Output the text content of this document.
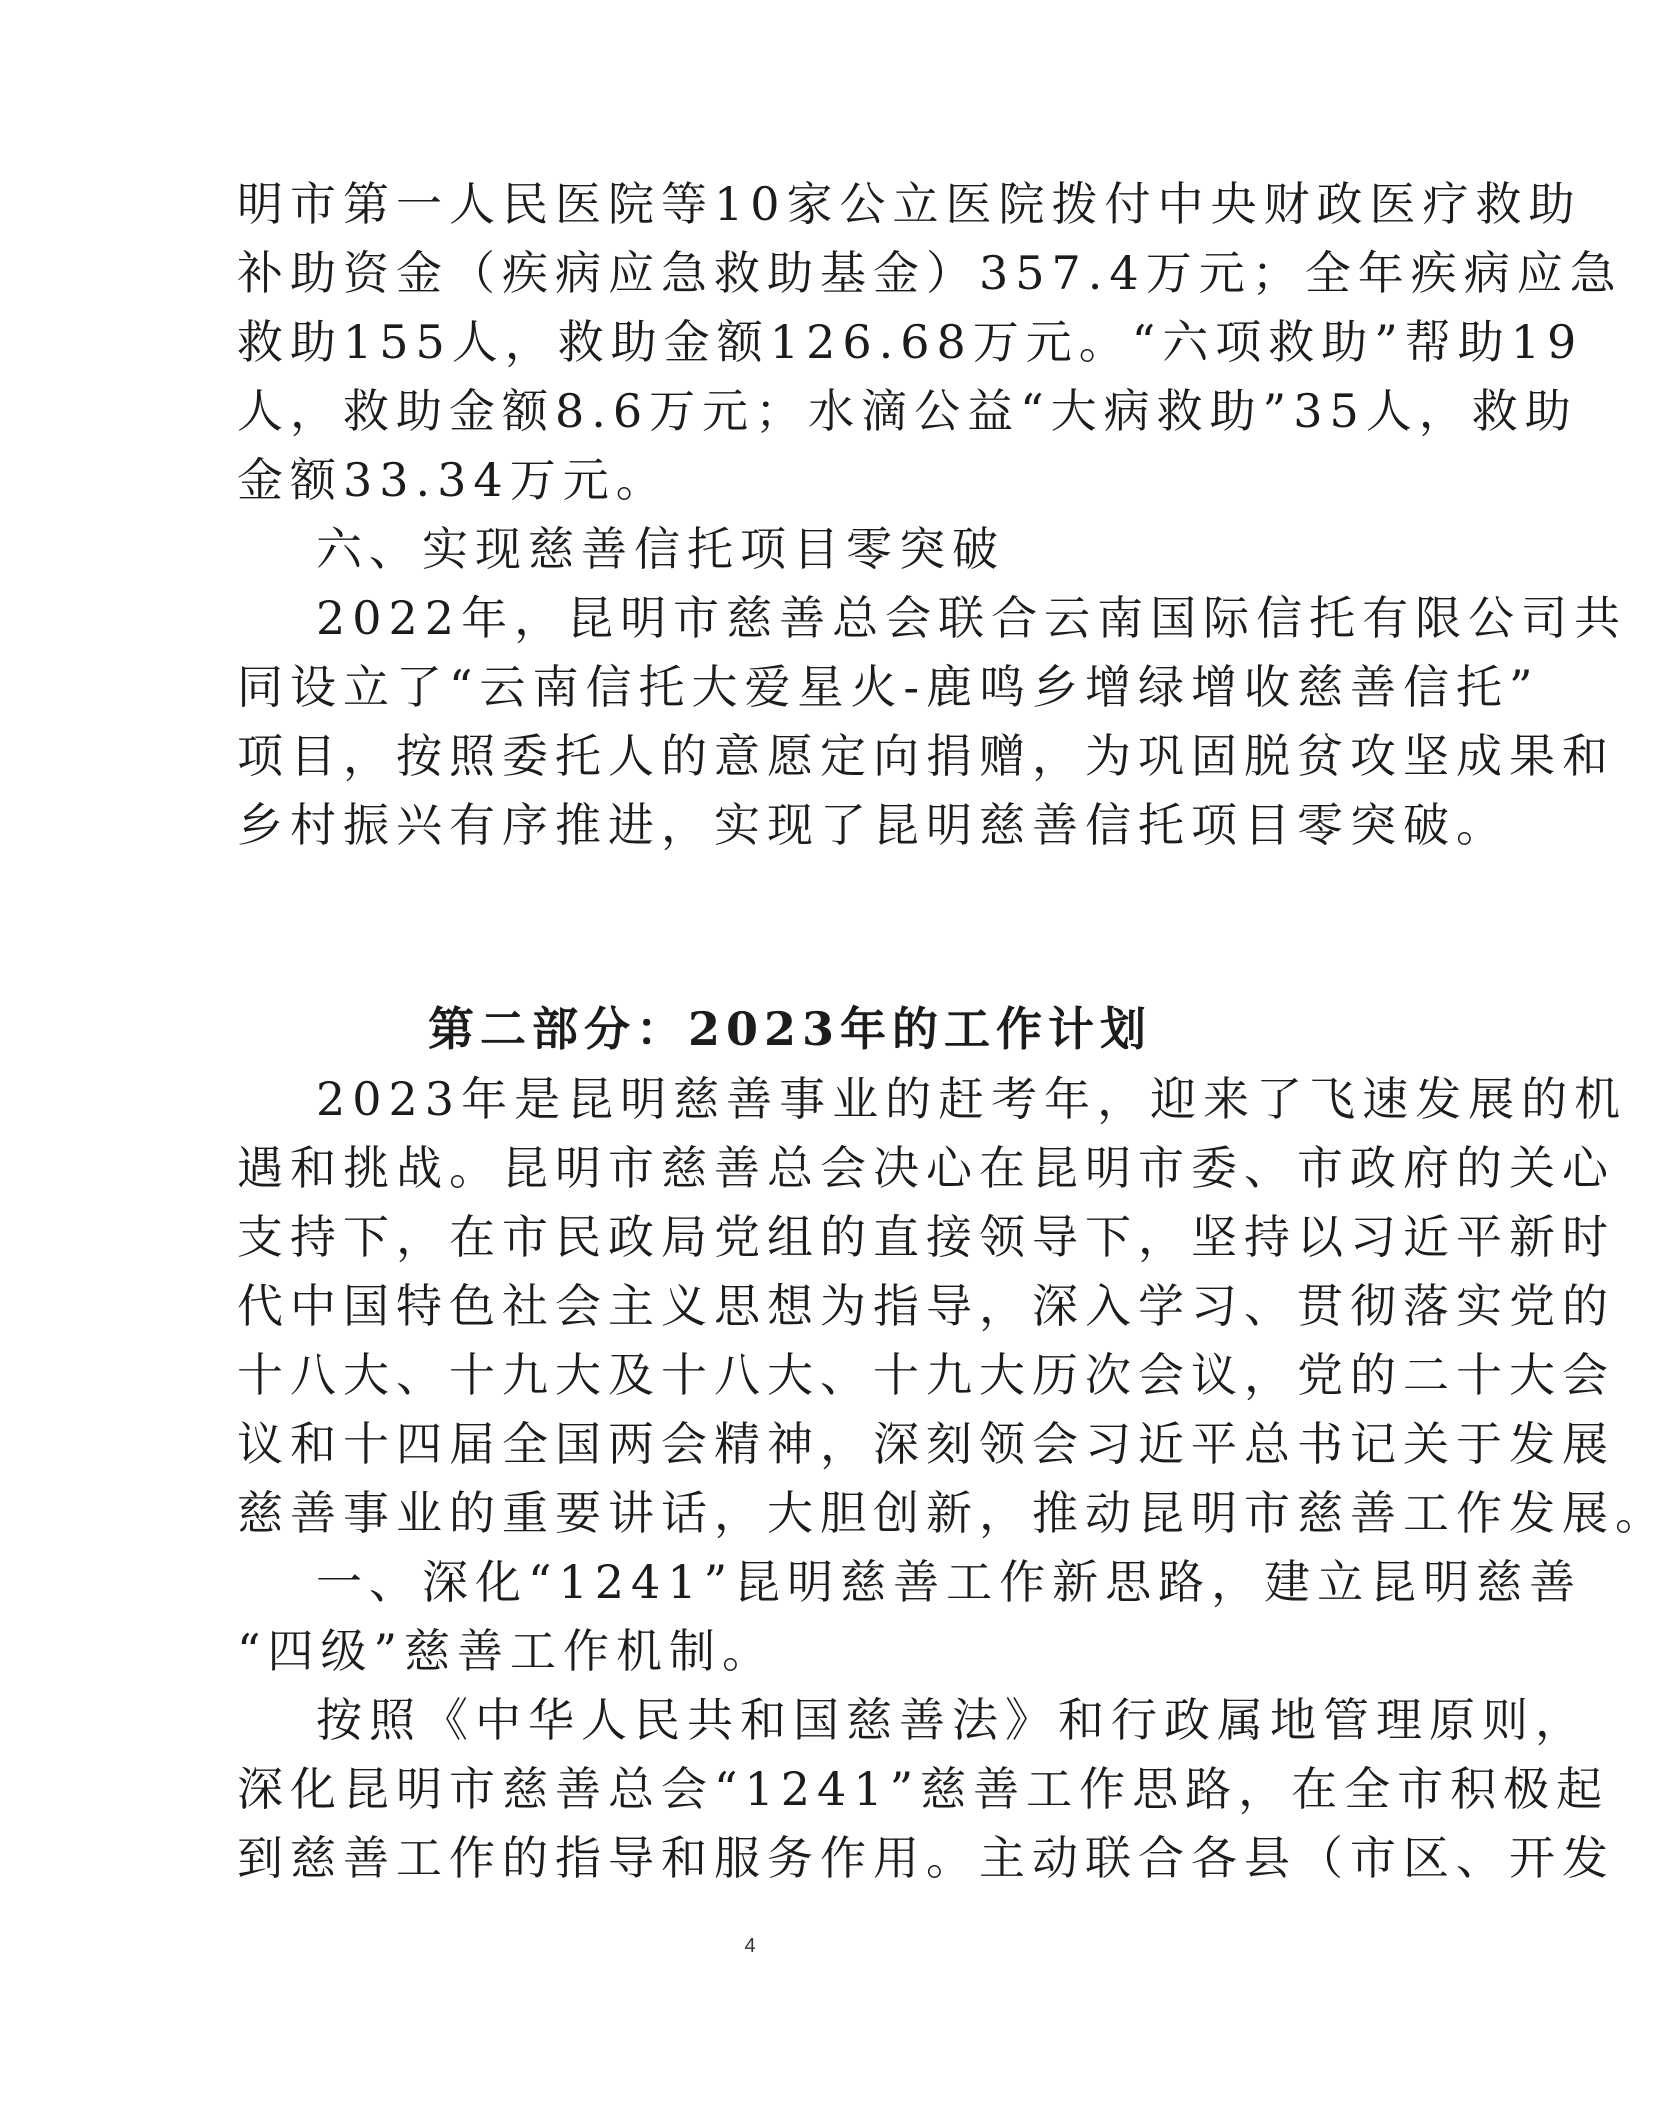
明市第一人民医院等10家公立医院拨付中央财政医疗救助
补助资金（疾病应急救助基金）357.4万元；全年疾病应急
救助155人，救助金额126.68万元。“六项救助”帮助19
人，救助金额8.6万元；水滴公益“大病救助”35人，救助
金额33.34万元。
六、实现慈善信托项目零突破
2022年，昆明市慈善总会联合云南国际信托有限公司共
同设立了“云南信托大爱星火-鹿鸣乡增绿增收慈善信托”
项目，按照委托人的意愿定向捐赠，为巩固脱贫攻坚成果和
乡村振兴有序推进，实现了昆明慈善信托项目零突破。
第二部分：2023年的工作计划
2023年是昆明慈善事业的赶考年，迎来了飞速发展的机
遇和挑战。昆明市慈善总会决心在昆明市委、市政府的关心
支持下，在市民政局党组的直接领导下，坚持以习近平新时
代中国特色社会主义思想为指导，深入学习、贯彻落实党的
十八大、十九大及十八大、十九大历次会议，党的二十大会
议和十四届全国两会精神，深刻领会习近平总书记关于发展
慈善事业的重要讲话，大胆创新，推动昆明市慈善工作发展。
一、深化“1241”昆明慈善工作新思路，建立昆明慈善
“四级”慈善工作机制。
按照《中华人民共和国慈善法》和行政属地管理原则，
深化昆明市慈善总会“1241”慈善工作思路，在全市积极起
到慈善工作的指导和服务作用。主动联合各县（市区、开发
4
